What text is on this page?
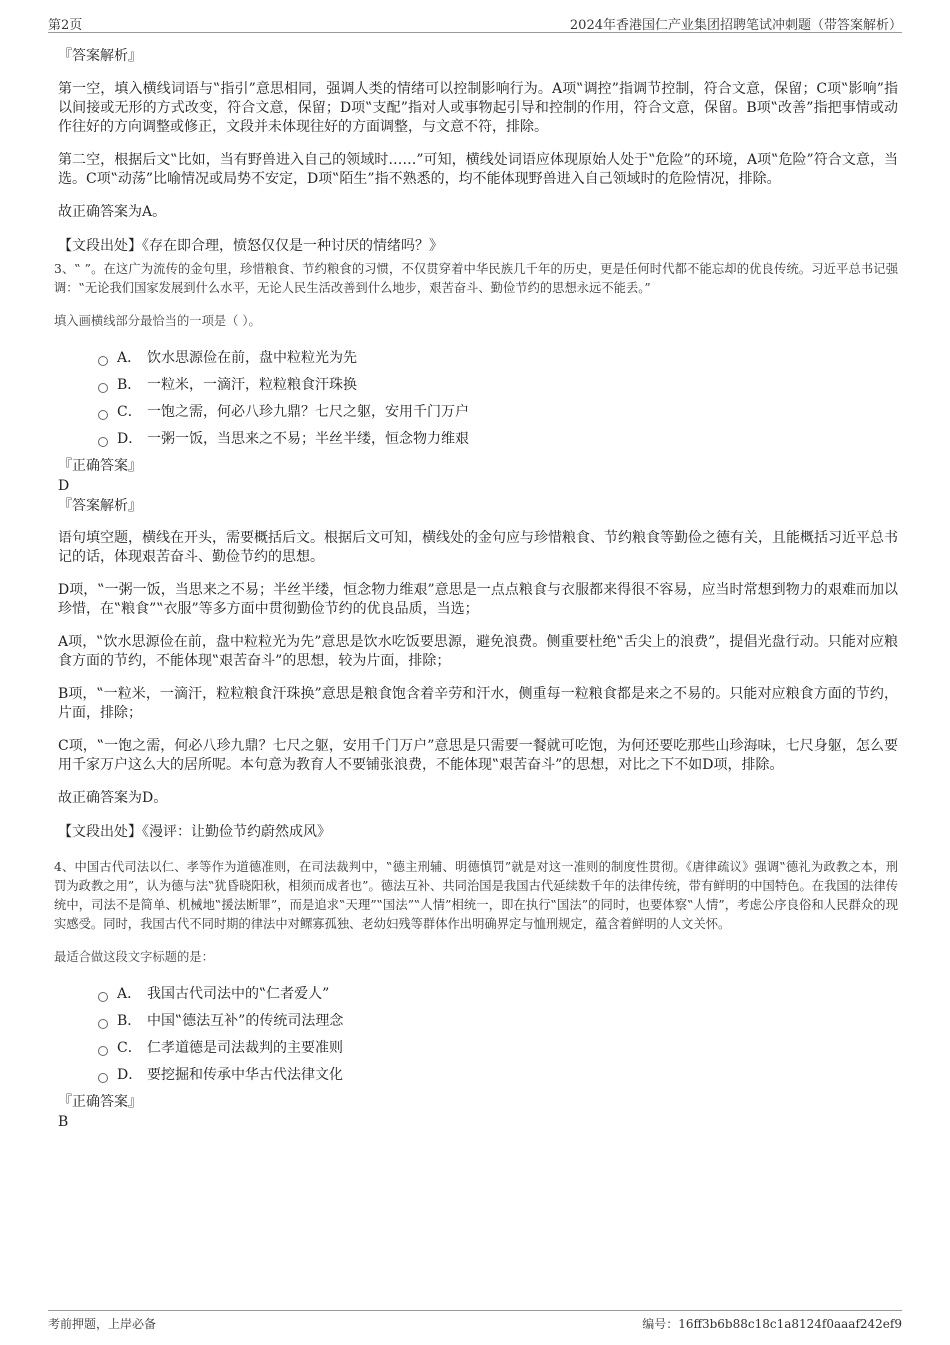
第2页	2024年香港国仁产业集团招聘笔试冲刺题（带答案解析）
『答案解析』

第一空，填入横线词语与‟指引”意思相同，强调人类的情绪可以控制影响行为。A项‟调控”指调节控制，符合文意，保留；C项‟影响”指以间接或无形的方式改变，符合文意，保留；D项‟支配”指对人或事物起引导和控制的作用，符合文意，保留。B项‟改善”指把事情或动作往好的方向调整或修正，文段并未体现往好的方面调整，与文意不符，排除。

第二空，根据后文‟比如，当有野兽进入自己的领域时……”可知，横线处词语应体现原始人处于‟危险”的环境，A项‟危险”符合文意，当选。C项‟动荡”比喻情况或局势不安定，D项‟陌生”指不熟悉的，均不能体现野兽进入自己领域时的危险情况，排除。

故正确答案为A。

【文段出处】《存在即合理，愤怒仅仅是一种讨厌的情绪吗？》

3、‟ ”。在这广为流传的金句里，珍惜粮食、节约粮食的习惯，不仅贯穿着中华民族几千年的历史，更是任何时代都不能忘却的优良传统。习近平总书记强调：‟无论我们国家发展到什么水平，无论人民生活改善到什么地步，艰苦奋斗、勤俭节约的思想永远不能丢。”

填入画横线部分最恰当的一项是（ ）。

A． 饮水思源俭在前，盘中粒粒光为先
B． 一粒米，一滴汗，粒粒粮食汗珠换
C． 一饱之需，何必八珍九鼎？七尺之躯，安用千门万户
D． 一粥一饭，当思来之不易；半丝半缕，恒念物力维艰
『正确答案』
D
『答案解析』

语句填空题，横线在开头，需要概括后文。根据后文可知，横线处的金句应与珍惜粮食、节约粮食等勤俭之德有关，且能概括习近平总书记的话，体现艰苦奋斗、勤俭节约的思想。

D项，‟一粥一饭，当思来之不易；半丝半缕，恒念物力维艰”意思是一点点粮食与衣服都来得很不容易，应当时常想到物力的艰难而加以珍惜，在‟粮食”‟衣服”等多方面中贯彻勤俭节约的优良品质，当选；

A项，‟饮水思源俭在前，盘中粒粒光为先”意思是饮水吃饭要思源，避免浪费。侧重要杜绝‟舌尖上的浪费”，提倡光盘行动。只能对应粮食方面的节约，不能体现‟艰苦奋斗”的思想，较为片面，排除；

B项，‟一粒米，一滴汗，粒粒粮食汗珠换”意思是粮食饱含着辛劳和汗水，侧重每一粒粮食都是来之不易的。只能对应粮食方面的节约，片面，排除；

C项，‟一饱之需，何必八珍九鼎？七尺之躯，安用千门万户”意思是只需要一餐就可吃饱，为何还要吃那些山珍海味，七尺身躯，怎么要用千家万户这么大的居所呢。本句意为教育人不要铺张浪费，不能体现‟艰苦奋斗”的思想，对比之下不如D项，排除。

故正确答案为D。

【文段出处】《漫评：让勤俭节约蔚然成风》

4、中国古代司法以仁、孝等作为道德准则，在司法裁判中，‟德主刑辅、明德慎罚”就是对这一准则的制度性贯彻。《唐律疏议》强调‟德礼为政教之本，刑罚为政教之用”，认为德与法‟犹昏晓阳秋，相须而成者也”。德法互补、共同治国是我国古代延续数千年的法律传统，带有鲜明的中国特色。在我国的法律传统中，司法不是简单、机械地‟援法断罪”，而是追求‟天理”‟国法”‟人情”相统一，即在执行‟国法”的同时，也要体察‟人情”，考虑公序良俗和人民群众的现实感受。同时，我国古代不同时期的律法中对鳏寡孤独、老幼妇残等群体作出明确界定与恤刑规定，蕴含着鲜明的人文关怀。

最适合做这段文字标题的是：

A． 我国古代司法中的‟仁者爱人”
B． 中国‟德法互补”的传统司法理念
C． 仁孝道德是司法裁判的主要准则
D． 要挖掘和传承中华古代法律文化
『正确答案』
B
考前押题，上岸必备	编号：16ff3b6b88c18c1a8124f0aaaf242ef9
